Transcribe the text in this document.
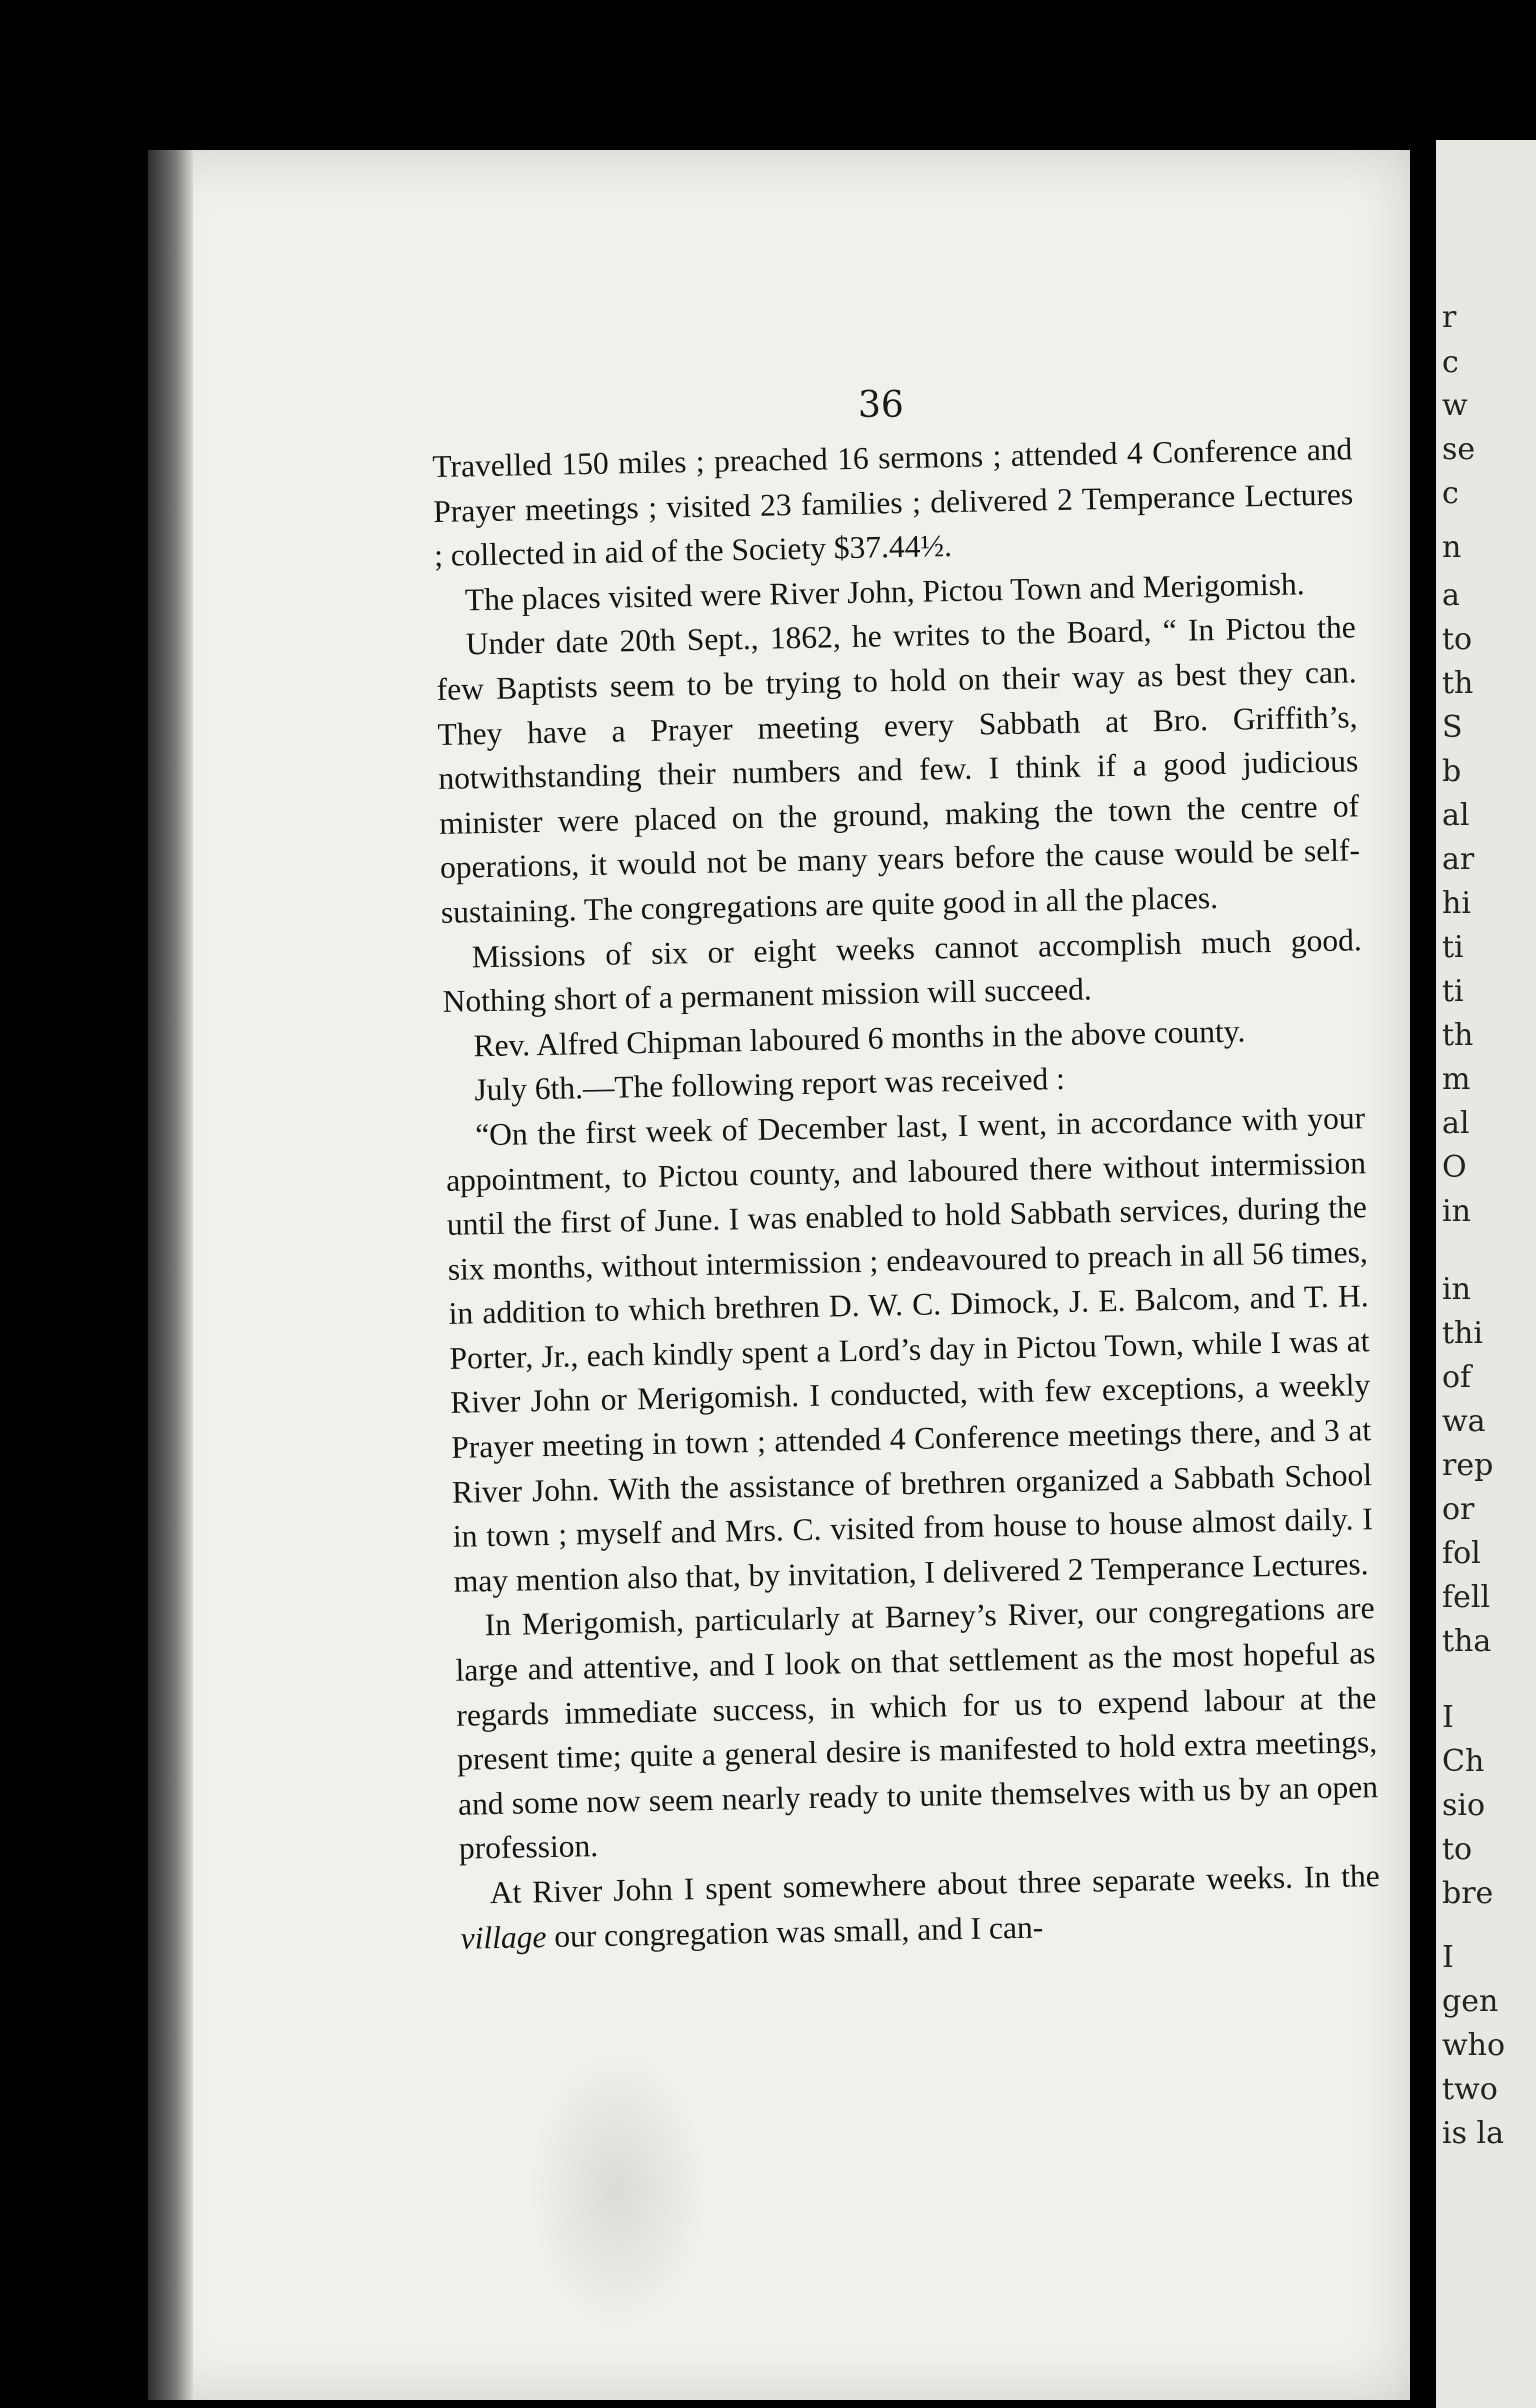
r
c
w
se
c
n
a
to
th
S
b
al
ar
hi
ti
ti
th
m
al
O
in
in
thi
of
wa
rep
or
fol
fell
tha
I
Ch
sio
to
bre
I
gen
who
two
is la
36

Travelled 150 miles ; preached 16 sermons ; attended 4 Conference and Prayer meetings ; visited 23 families ; delivered 2 Temperance Lectures ; collected in aid of the Society $37.44½.

The places visited were River John, Pictou Town and Merigomish.

Under date 20th Sept., 1862, he writes to the Board, “ In Pictou the few Baptists seem to be trying to hold on their way as best they can. They have a Prayer meeting every Sabbath at Bro. Griffith’s, notwithstanding their numbers and few. I think if a good judicious minister were placed on the ground, making the town the centre of operations, it would not be many years before the cause would be self-sustaining. The congregations are quite good in all the places.

Missions of six or eight weeks cannot accomplish much good. Nothing short of a permanent mission will succeed.

Rev. Alfred Chipman laboured 6 months in the above county.

July 6th.—The following report was received :

“On the first week of December last, I went, in accordance with your appointment, to Pictou county, and laboured there without intermission until the first of June. I was enabled to hold Sabbath services, during the six months, without intermission ; endeavoured to preach in all 56 times, in addition to which brethren D. W. C. Dimock, J. E. Balcom, and T. H. Porter, Jr., each kindly spent a Lord’s day in Pictou Town, while I was at River John or Merigomish. I conducted, with few exceptions, a weekly Prayer meeting in town ; attended 4 Conference meetings there, and 3 at River John. With the assistance of brethren organized a Sabbath School in town ; myself and Mrs. C. visited from house to house almost daily. I may mention also that, by invitation, I delivered 2 Temperance Lectures.

In Merigomish, particularly at Barney’s River, our congregations are large and attentive, and I look on that settlement as the most hopeful as regards immediate success, in which for us to expend labour at the present time; quite a general desire is manifested to hold extra meetings, and some now seem nearly ready to unite themselves with us by an open profession.

At River John I spent somewhere about three separate weeks. In the village our congregation was small, and I can-
